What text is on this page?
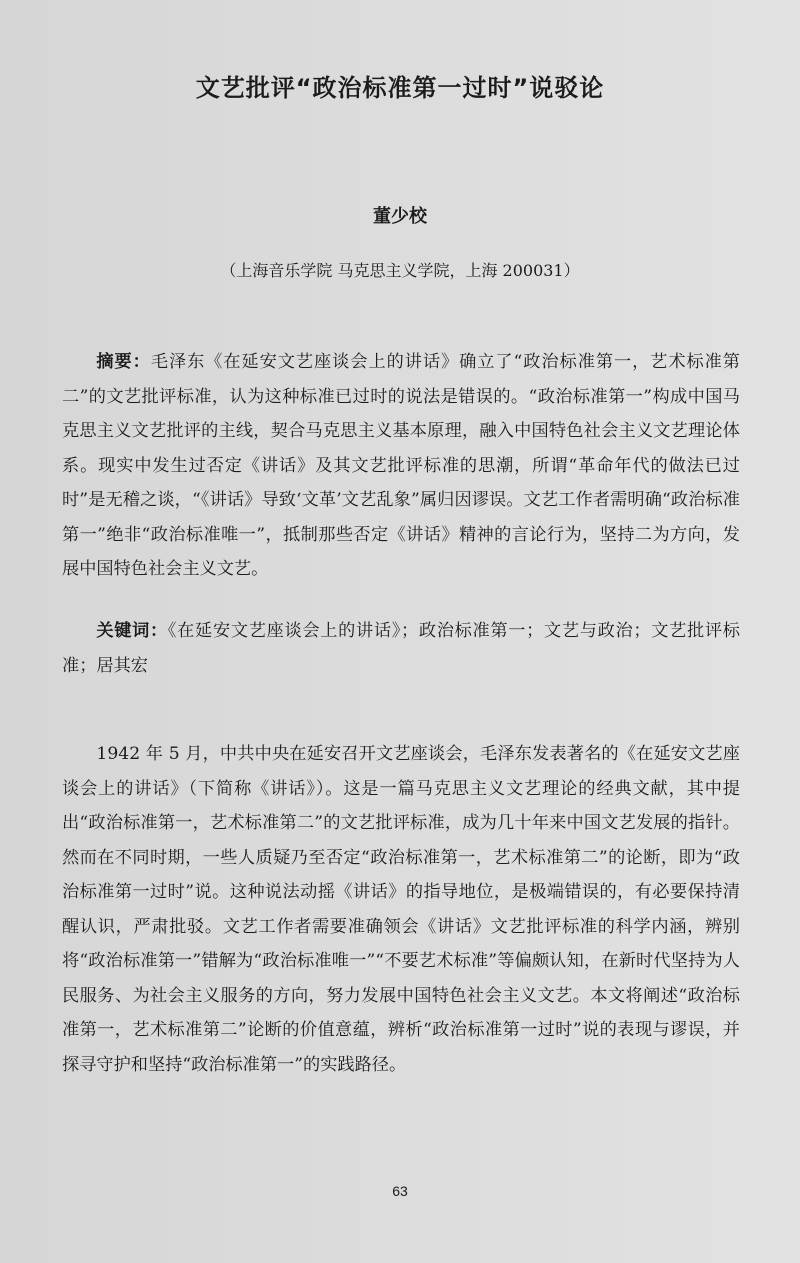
文艺批评“政治标准第一过时”说驳论
董少校
（上海音乐学院 马克思主义学院，上海 200031）
摘要：毛泽东《在延安文艺座谈会上的讲话》确立了“政治标准第一，艺术标准第二”的文艺批评标准，认为这种标准已过时的说法是错误的。“政治标准第一”构成中国马克思主义文艺批评的主线，契合马克思主义基本原理，融入中国特色社会主义文艺理论体系。现实中发生过否定《讲话》及其文艺批评标准的思潮，所谓“革命年代的做法已过时”是无稽之谈，“《讲话》导致‘文革’文艺乱象”属归因谬误。文艺工作者需明确“政治标准第一”绝非“政治标准唯一”，抵制那些否定《讲话》精神的言论行为，坚持二为方向，发展中国特色社会主义文艺。
关键词：《在延安文艺座谈会上的讲话》；政治标准第一；文艺与政治；文艺批评标准；居其宏
1942 年 5 月，中共中央在延安召开文艺座谈会，毛泽东发表著名的《在延安文艺座谈会上的讲话》（下简称《讲话》）。这是一篇马克思主义文艺理论的经典文献，其中提出“政治标准第一，艺术标准第二”的文艺批评标准，成为几十年来中国文艺发展的指针。然而在不同时期，一些人质疑乃至否定“政治标准第一，艺术标准第二”的论断，即为“政治标准第一过时”说。这种说法动摇《讲话》的指导地位，是极端错误的，有必要保持清醒认识，严肃批驳。文艺工作者需要准确领会《讲话》文艺批评标准的科学内涵，辨别将“政治标准第一”错解为“政治标准唯一”“不要艺术标准”等偏颇认知，在新时代坚持为人民服务、为社会主义服务的方向，努力发展中国特色社会主义文艺。本文将阐述“政治标准第一，艺术标准第二”论断的价值意蕴，辨析“政治标准第一过时”说的表现与谬误，并探寻守护和坚持“政治标准第一”的实践路径。
63
